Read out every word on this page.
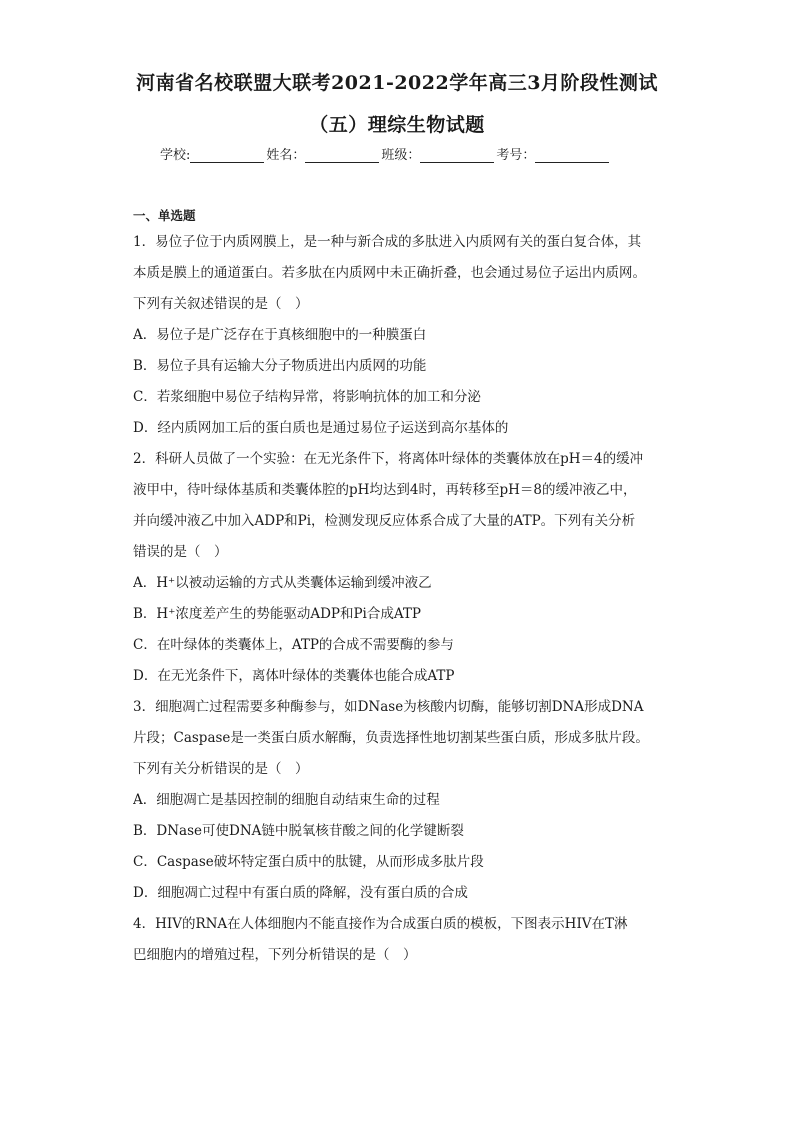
河南省名校联盟大联考2021-2022学年高三3月阶段性测试
（五）理综生物试题
学校:	姓名：	班级：	考号：
一、单选题
1．易位子位于内质网膜上，是一种与新合成的多肽进入内质网有关的蛋白复合体，其
本质是膜上的通道蛋白。若多肽在内质网中未正确折叠，也会通过易位子运出内质网。
下列有关叙述错误的是（　）
A．易位子是广泛存在于真核细胞中的一种膜蛋白
B．易位子具有运输大分子物质进出内质网的功能
C．若浆细胞中易位子结构异常，将影响抗体的加工和分泌
D．经内质网加工后的蛋白质也是通过易位子运送到高尔基体的
2．科研人员做了一个实验：在无光条件下，将离体叶绿体的类囊体放在pH＝4的缓冲
液甲中，待叶绿体基质和类囊体腔的pH均达到4时，再转移至pH＝8的缓冲液乙中，
并向缓冲液乙中加入ADP和Pi，检测发现反应体系合成了大量的ATP。下列有关分析
错误的是（　）
A．H⁺以被动运输的方式从类囊体运输到缓冲液乙
B．H⁺浓度差产生的势能驱动ADP和Pi合成ATP
C．在叶绿体的类囊体上，ATP的合成不需要酶的参与
D．在无光条件下，离体叶绿体的类囊体也能合成ATP
3．细胞凋亡过程需要多种酶参与，如DNase为核酸内切酶，能够切割DNA形成DNA
片段；Caspase是一类蛋白质水解酶，负责选择性地切割某些蛋白质，形成多肽片段。
下列有关分析错误的是（　）
A．细胞凋亡是基因控制的细胞自动结束生命的过程
B．DNase可使DNA链中脱氧核苷酸之间的化学键断裂
C．Caspase破坏特定蛋白质中的肽键，从而形成多肽片段
D．细胞凋亡过程中有蛋白质的降解，没有蛋白质的合成
4．HIV的RNA在人体细胞内不能直接作为合成蛋白质的模板，下图表示HIV在T淋
巴细胞内的增殖过程，下列分析错误的是（　）
